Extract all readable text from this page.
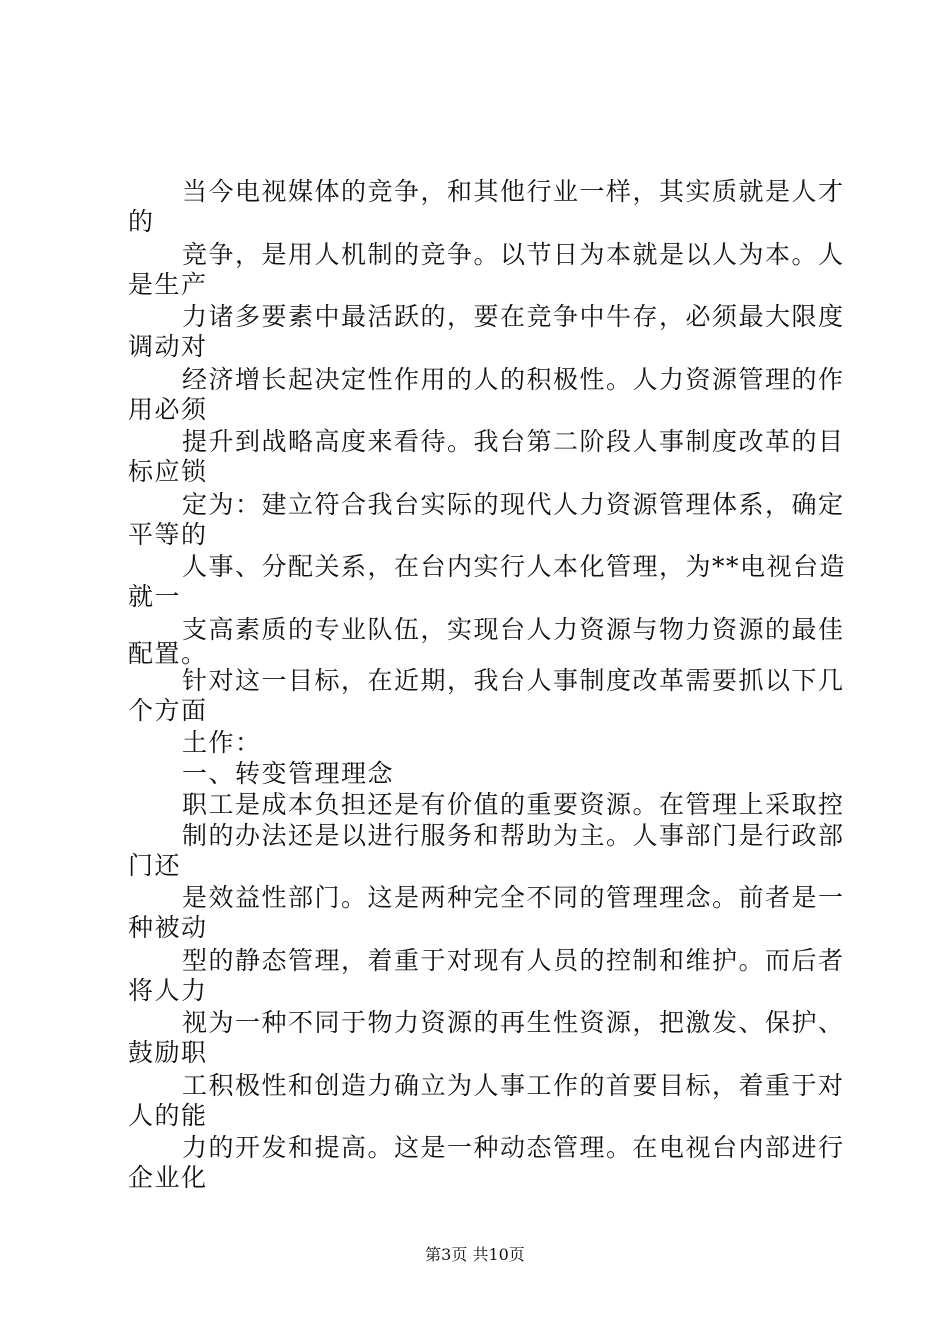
当今电视媒体的竞争，和其他行业一样，其实质就是人才
的
竞争，是用人机制的竞争。以节日为本就是以人为本。人
是生产
力诸多要素中最活跃的，要在竞争中牛存，必须最大限度
调动对
经济增长起决定性作用的人的积极性。人力资源管理的作
用必须
提升到战略高度来看待。我台第二阶段人事制度改革的目
标应锁
定为：建立符合我台实际的现代人力资源管理体系，确定
平等的
人事、分配关系，在台内实行人本化管理，为**电视台造
就一
支高素质的专业队伍，实现台人力资源与物力资源的最佳
配置。
针对这一目标，在近期，我台人事制度改革需要抓以下几
个方面
土作：
一、转变管理理念
职工是成本负担还是有价值的重要资源。在管理上采取控
制的办法还是以进行服务和帮助为主。人事部门是行政部
门还
是效益性部门。这是两种完全不同的管理理念。前者是一
种被动
型的静态管理，着重于对现有人员的控制和维护。而后者
将人力
视为一种不同于物力资源的再生性资源，把激发、保护、
鼓励职
工积极性和创造力确立为人事工作的首要目标，着重于对
人的能
力的开发和提高。这是一种动态管理。在电视台内部进行
企业化
第3页 共10页
